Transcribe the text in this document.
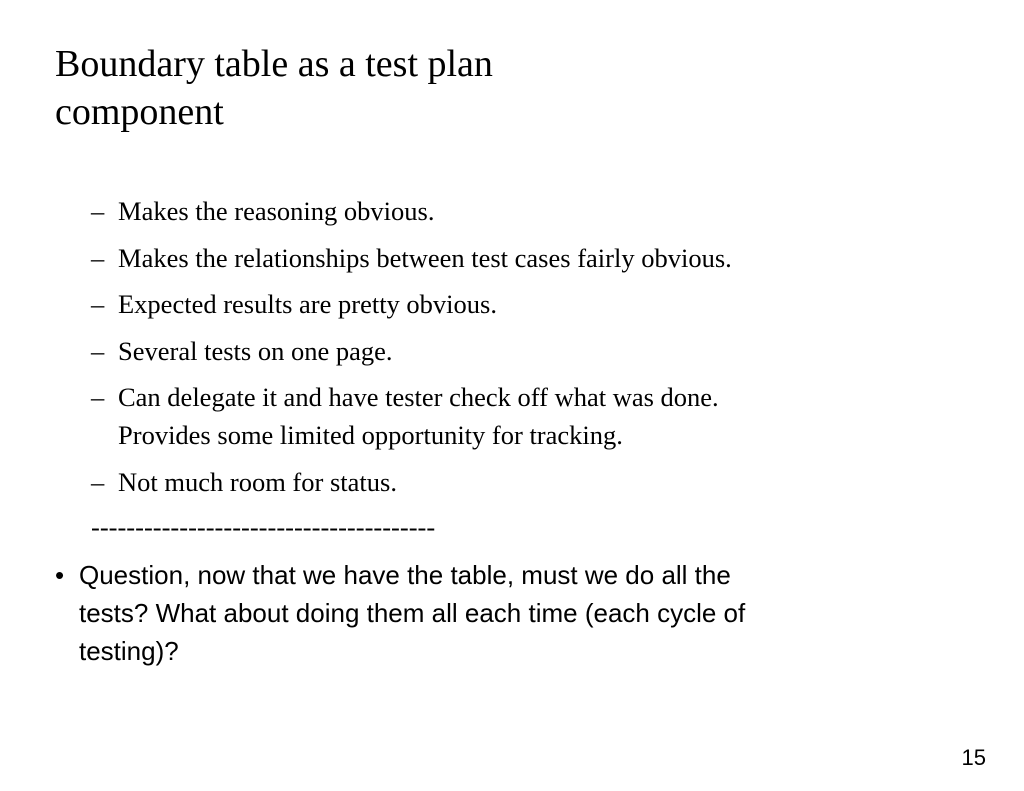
Boundary table as a test plan
component
– Makes the reasoning obvious.
– Makes the relationships between test cases fairly obvious.
– Expected results are pretty obvious.
– Several tests on one page.
– Can delegate it and have tester check off what was done.
Provides some limited opportunity for tracking.
– Not much room for status.
---------------------------------------
• Question, now that we have the table, must we do all the
tests? What about doing them all each time (each cycle of
testing)?
15
